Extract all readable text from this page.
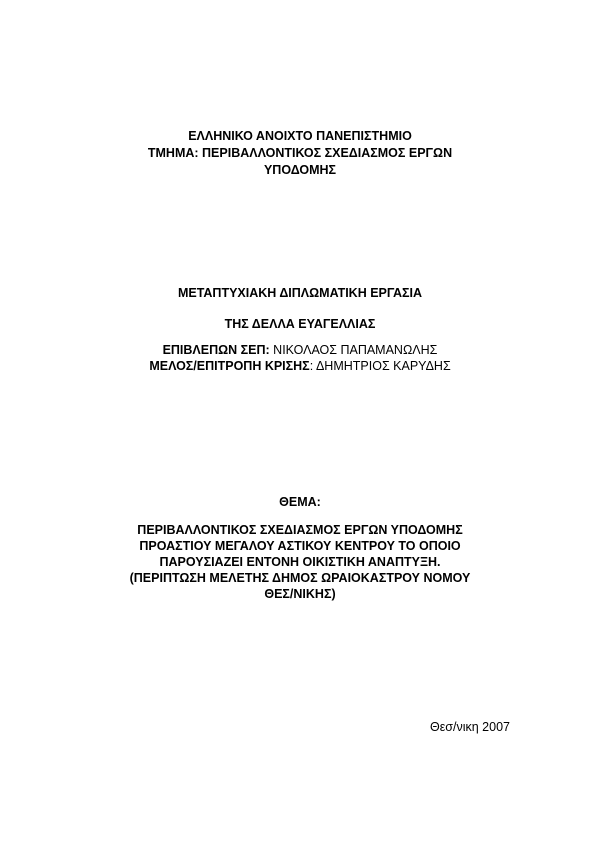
ΕΛΛΗΝΙΚΟ ΑΝΟΙΧΤΟ ΠΑΝΕΠΙΣΤΗΜΙΟ
ΤΜΗΜΑ: ΠΕΡΙΒΑΛΛΟΝΤΙΚΟΣ ΣΧΕΔΙΑΣΜΟΣ ΕΡΓΩΝ
ΥΠΟΔΟΜΗΣ
ΜΕΤΑΠΤΥΧΙΑΚΗ ΔΙΠΛΩΜΑΤΙΚΗ ΕΡΓΑΣΙΑ
ΤΗΣ ΔΕΛΛΑ ΕΥΑΓΕΛΛΙΑΣ
ΕΠΙΒΛΕΠΩΝ ΣΕΠ: ΝΙΚΟΛΑΟΣ ΠΑΠΑΜΑΝΩΛΗΣ
ΜΕΛΟΣ/ΕΠΙΤΡΟΠΗ ΚΡΙΣΗΣ: ΔΗΜΗΤΡΙΟΣ ΚΑΡΥΔΗΣ
ΘΕΜΑ:
ΠΕΡΙΒΑΛΛΟΝΤΙΚΟΣ ΣΧΕΔΙΑΣΜΟΣ ΕΡΓΩΝ ΥΠΟΔΟΜΗΣ
ΠΡΟΑΣΤΙΟΥ ΜΕΓΑΛΟΥ ΑΣΤΙΚΟΥ ΚΕΝΤΡΟΥ ΤΟ ΟΠΟΙΟ
ΠΑΡΟΥΣΙΑΖΕΙ ΕΝΤΟΝΗ ΟΙΚΙΣΤΙΚΗ ΑΝΑΠΤΥΞΗ.
(ΠΕΡΙΠΤΩΣΗ ΜΕΛΕΤΗΣ ΔΗΜΟΣ ΩΡΑΙΟΚΑΣΤΡΟΥ ΝΟΜΟΥ
ΘΕΣ/ΝΙΚΗΣ)
Θεσ/νικη 2007
